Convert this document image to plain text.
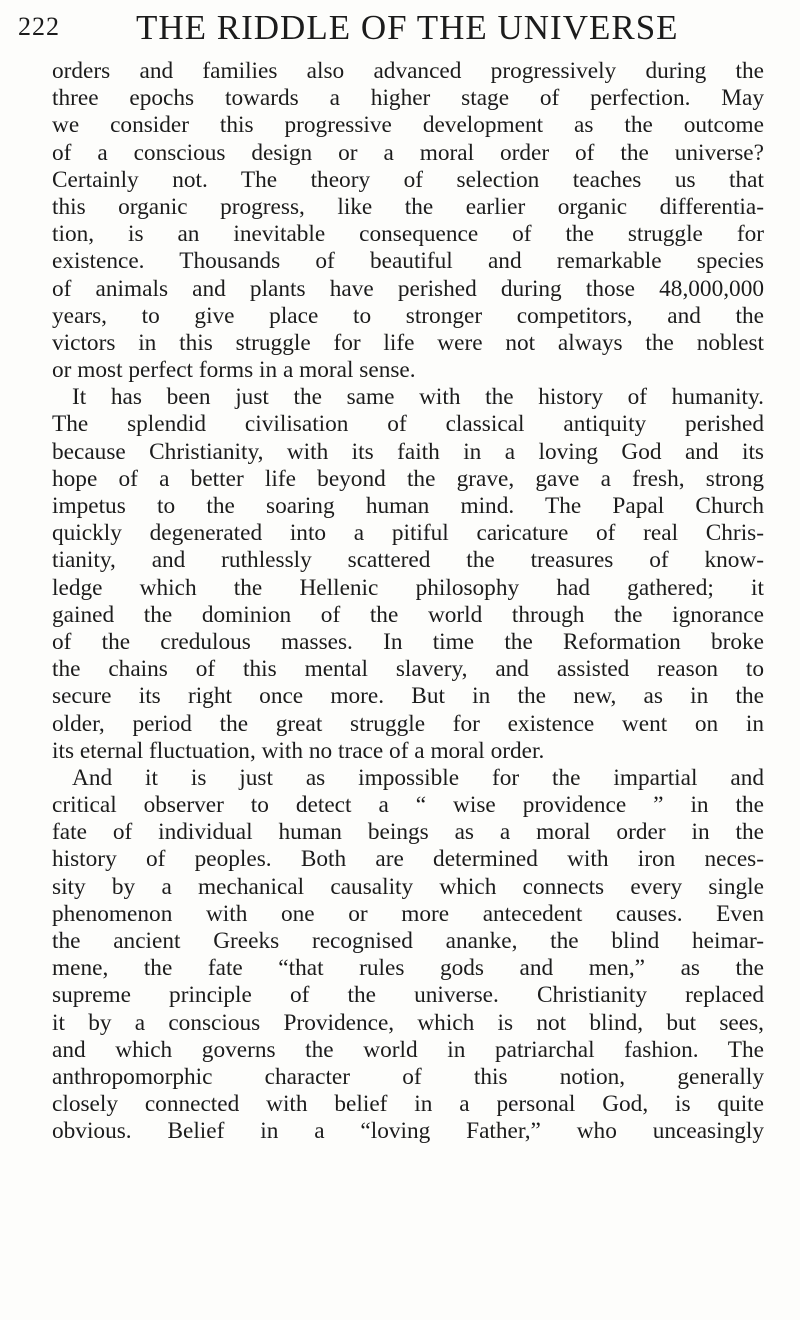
222 THE RIDDLE OF THE UNIVERSE
orders and families also advanced progressively during the
three epochs towards a higher stage of perfection. May
we consider this progressive development as the outcome
of a conscious design or a moral order of the universe?
Certainly not. The theory of selection teaches us that
this organic progress, like the earlier organic differentia-
tion, is an inevitable consequence of the struggle for
existence. Thousands of beautiful and remarkable species
of animals and plants have perished during those 48,000,000
years, to give place to stronger competitors, and the
victors in this struggle for life were not always the noblest
or most perfect forms in a moral sense.
It has been just the same with the history of humanity.
The splendid civilisation of classical antiquity perished
because Christianity, with its faith in a loving God and its
hope of a better life beyond the grave, gave a fresh, strong
impetus to the soaring human mind. The Papal Church
quickly degenerated into a pitiful caricature of real Chris-
tianity, and ruthlessly scattered the treasures of know-
ledge which the Hellenic philosophy had gathered; it
gained the dominion of the world through the ignorance
of the credulous masses. In time the Reformation broke
the chains of this mental slavery, and assisted reason to
secure its right once more. But in the new, as in the
older, period the great struggle for existence went on in
its eternal fluctuation, with no trace of a moral order.
And it is just as impossible for the impartial and
critical observer to detect a “ wise providence ” in the
fate of individual human beings as a moral order in the
history of peoples. Both are determined with iron neces-
sity by a mechanical causality which connects every single
phenomenon with one or more antecedent causes. Even
the ancient Greeks recognised ananke, the blind heimar-
mene, the fate “that rules gods and men,” as the
supreme principle of the universe. Christianity replaced
it by a conscious Providence, which is not blind, but sees,
and which governs the world in patriarchal fashion. The
anthropomorphic character of this notion, generally
closely connected with belief in a personal God, is quite
obvious. Belief in a “loving Father,” who unceasingly
